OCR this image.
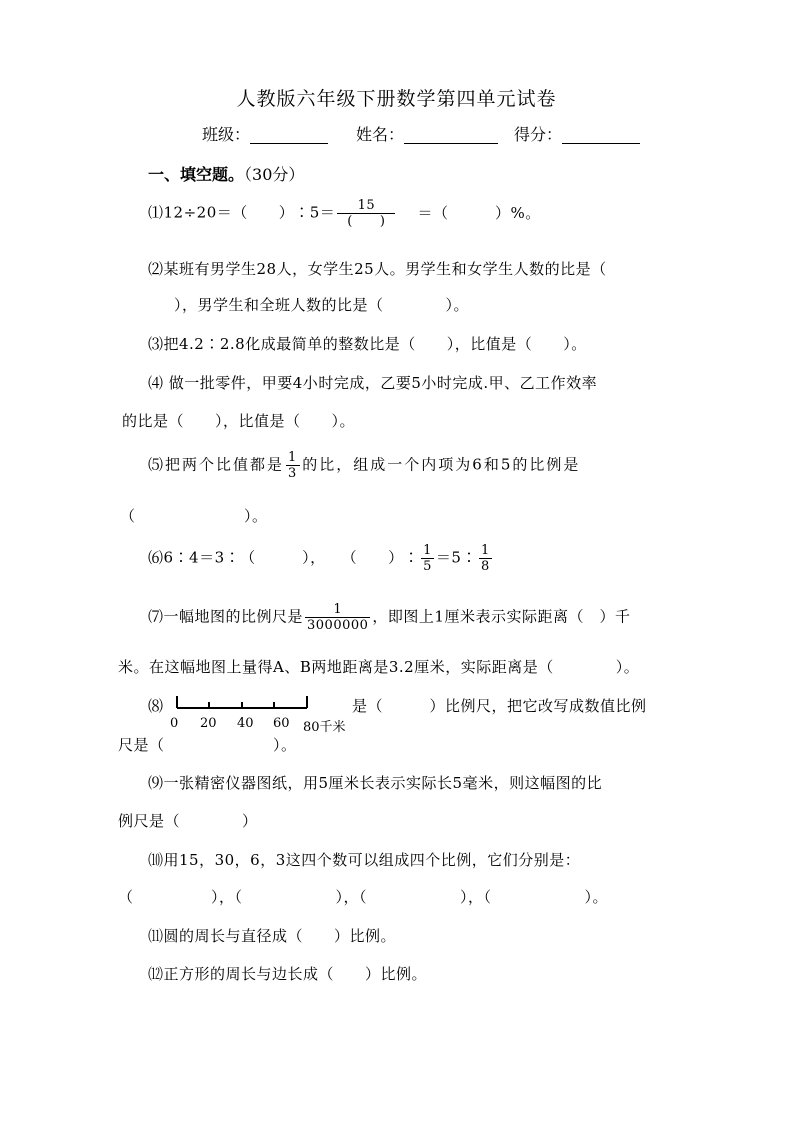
人教版六年级下册数学第四单元试卷
班级：	姓名：	得分：
一、填空题。（30分）
⑴12÷20＝（　　）∶5＝ $\frac{15}{( )}$ ＝（　　　）%。
⑵某班有男学生28人，女学生25人。男学生和女学生人数的比是（
），男学生和全班人数的比是（　　　　）。
⑶把4.2∶2.8化成最简单的整数比是（　　），比值是（　　）。
⑷ 做一批零件，甲要4小时完成，乙要5小时完成.甲、乙工作效率
的比是（　　），比值是（　　）。
⑸把两个比值都是 $\frac{1}{3}$ 的比，组成一个内项为6和5的比例是
（　　　　　　　）。
⑹6∶4＝3∶（　　　），　　（　　）∶ $\frac{1}{5}$ ＝5∶ $\frac{1}{8}$
⑺一幅地图的比例尺是 $\frac{1}{3000000}$ ，即图上1厘米表示实际距离（　）千
米。在这幅地图上量得A、B两地距离是3.2厘米，实际距离是（　　　　）。
⑻
0 20 40 60 80千米
是（　　　）比例尺，把它改写成数值比例
尺是（　　　　　　　）。
⑼一张精密仪器图纸，用5厘米长表示实际长5毫米，则这幅图的比
例尺是（　　　　）
⑽用15，30，6，3这四个数可以组成四个比例，它们分别是：
（　　　　　），（　　　　　　），（　　　　　　），（　　　　　　）。
⑾圆的周长与直径成（　　）比例。
⑿正方形的周长与边长成（　　）比例。
